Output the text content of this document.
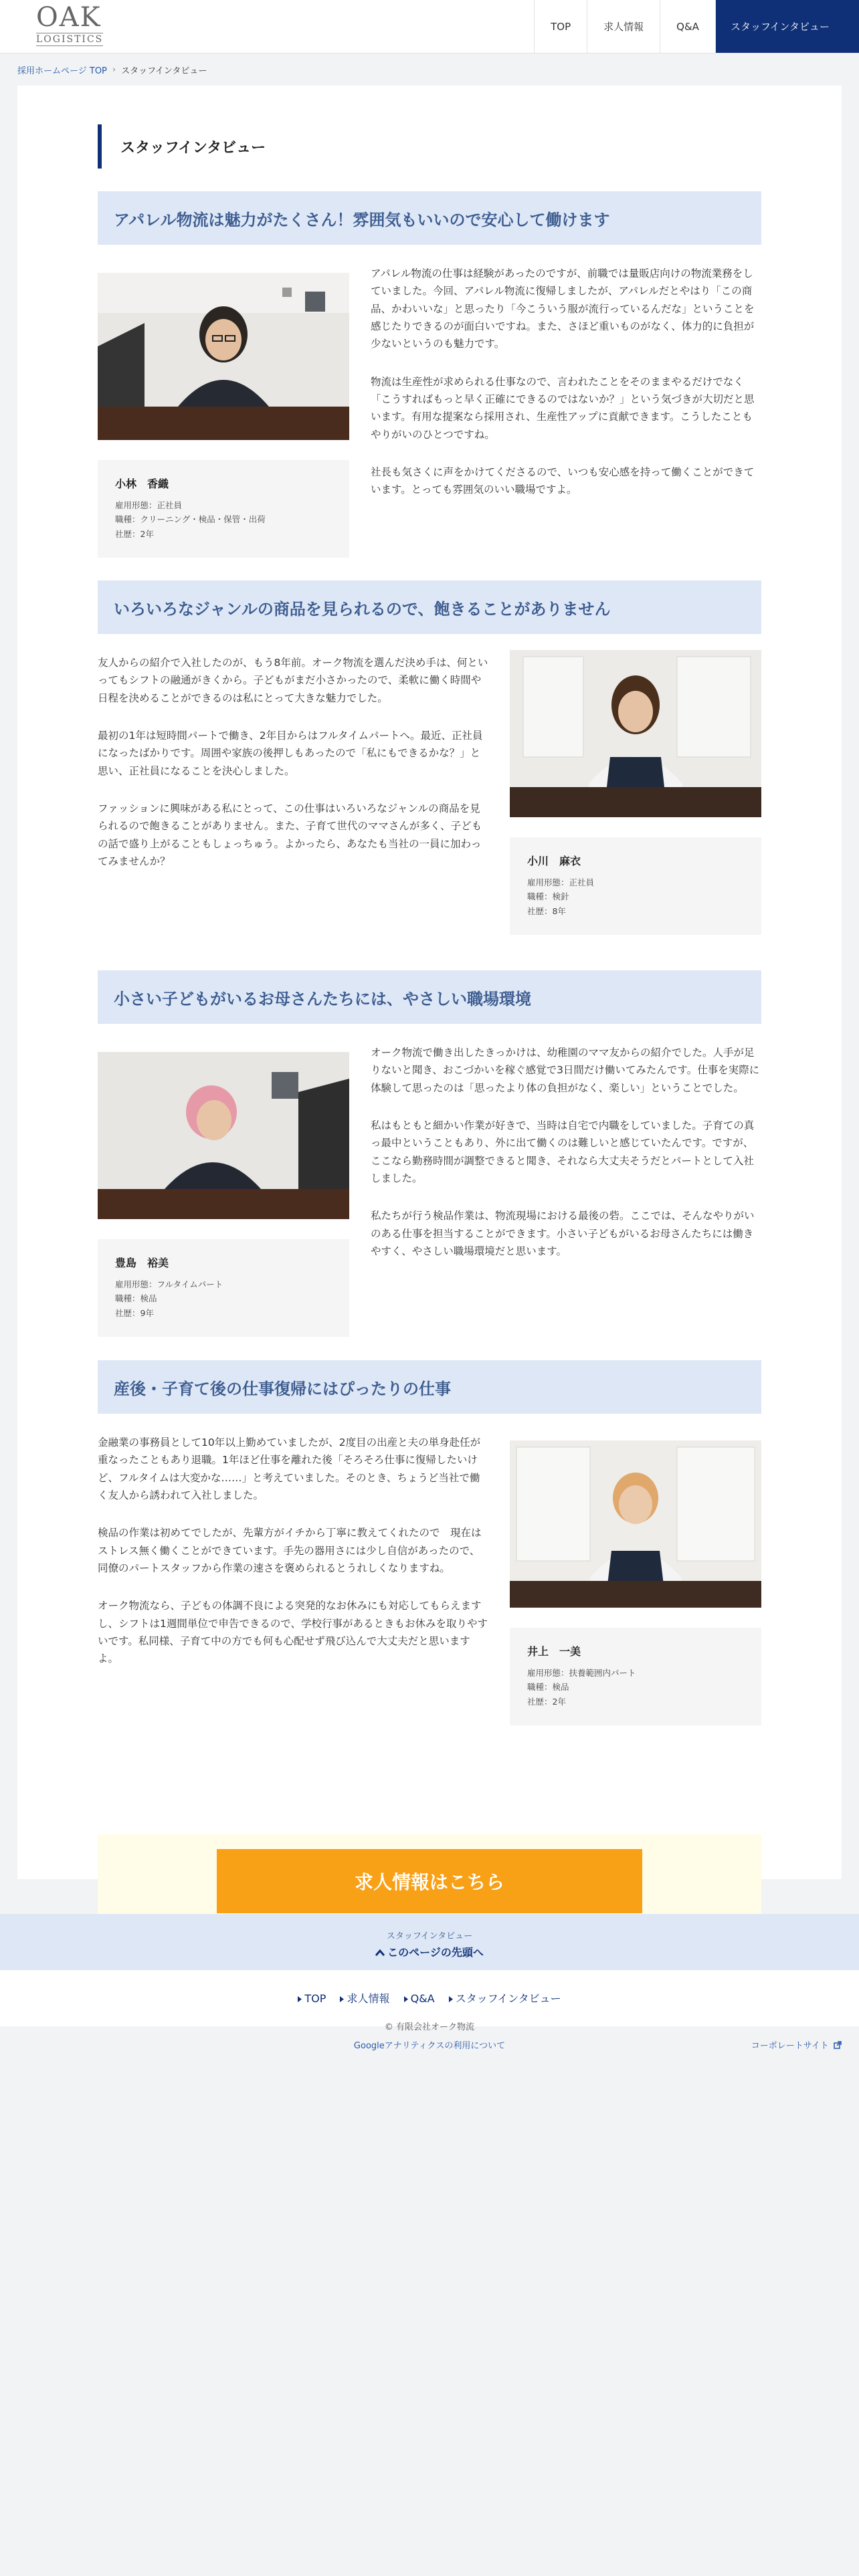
OAK
LOGISTICS
TOP	求人情報	Q&A	スタッフインタビュー
採用ホームページ TOP › スタッフインタビュー
スタッフインタビュー
アパレル物流は魅力がたくさん！雰囲気もいいので安心して働けます
小林　香織
雇用形態：正社員
職種：クリーニング・検品・保管・出荷
社歴：2年

アパレル物流の仕事は経験があったのですが、前職では量販店向けの物流業務をしていました。今回、アパレル物流に復帰しましたが、アパレルだとやはり「この商品、かわいいな」と思ったり「今こういう服が流行っているんだな」ということを感じたりできるのが面白いですね。また、さほど重いものがなく、体力的に負担が少ないというのも魅力です。

物流は生産性が求められる仕事なので、言われたことをそのままやるだけでなく「こうすればもっと早く正確にできるのではないか？」という気づきが大切だと思います。有用な提案なら採用され、生産性アップに貢献できます。こうしたこともやりがいのひとつですね。

社長も気さくに声をかけてくださるので、いつも安心感を持って働くことができています。とっても雰囲気のいい職場ですよ。

いろいろなジャンルの商品を見られるので、飽きることがありません

友人からの紹介で入社したのが、もう8年前。オーク物流を選んだ決め手は、何といってもシフトの融通がきくから。子どもがまだ小さかったので、柔軟に働く時間や日程を決めることができるのは私にとって大きな魅力でした。

最初の1年は短時間パートで働き、2年目からはフルタイムパートへ。最近、正社員になったばかりです。周囲や家族の後押しもあったので「私にもできるかな？」と思い、正社員になることを決心しました。

ファッションに興味がある私にとって、この仕事はいろいろなジャンルの商品を見られるので飽きることがありません。また、子育て世代のママさんが多く、子どもの話で盛り上がることもしょっちゅう。よかったら、あなたも当社の一員に加わってみませんか？	小川　麻衣
雇用形態：正社員
職種：検針
社歴：8年
小さい子どもがいるお母さんたちには、やさしい職場環境
豊島　裕美
雇用形態：フルタイムパート
職種：検品
社歴：9年

オーク物流で働き出したきっかけは、幼稚園のママ友からの紹介でした。人手が足りないと聞き、おこづかいを稼ぐ感覚で3日間だけ働いてみたんです。仕事を実際に体験して思ったのは「思ったより体の負担がなく、楽しい」ということでした。

私はもともと細かい作業が好きで、当時は自宅で内職をしていました。子育ての真っ最中ということもあり、外に出て働くのは難しいと感じていたんです。ですが、ここなら勤務時間が調整できると聞き、それなら大丈夫そうだとパートとして入社しました。

私たちが行う検品作業は、物流現場における最後の砦。ここでは、そんなやりがいのある仕事を担当することができます。小さい子どもがいるお母さんたちには働きやすく、やさしい職場環境だと思います。

産後・子育て後の仕事復帰にはぴったりの仕事

金融業の事務員として10年以上勤めていましたが、2度目の出産と夫の単身赴任が重なったこともあり退職。1年ほど仕事を離れた後「そろそろ仕事に復帰したいけど、フルタイムは大変かな……」と考えていました。そのとき、ちょうど当社で働く友人から誘われて入社しました。

検品の作業は初めてでしたが、先輩方がイチから丁寧に教えてくれたので　現在はストレス無く働くことができています。手先の器用さには少し自信があったので、同僚のパートスタッフから作業の速さを褒められるとうれしくなりますね。

オーク物流なら、子どもの体調不良による突発的なお休みにも対応してもらえますし、シフトは1週間単位で申告できるので、学校行事があるときもお休みを取りやすいです。私同様、子育て中の方でも何も心配せず飛び込んで大丈夫だと思いますよ。

井上　一美
雇用形態：扶養範囲内パート
職種：検品
社歴：2年
求人情報はこちら
スタッフインタビュー
このページの先頭へ
TOP 求人情報 Q&A スタッフインタビュー
© 有限会社オーク物流
Googleアナリティクスの利用について	コーポレートサイト
